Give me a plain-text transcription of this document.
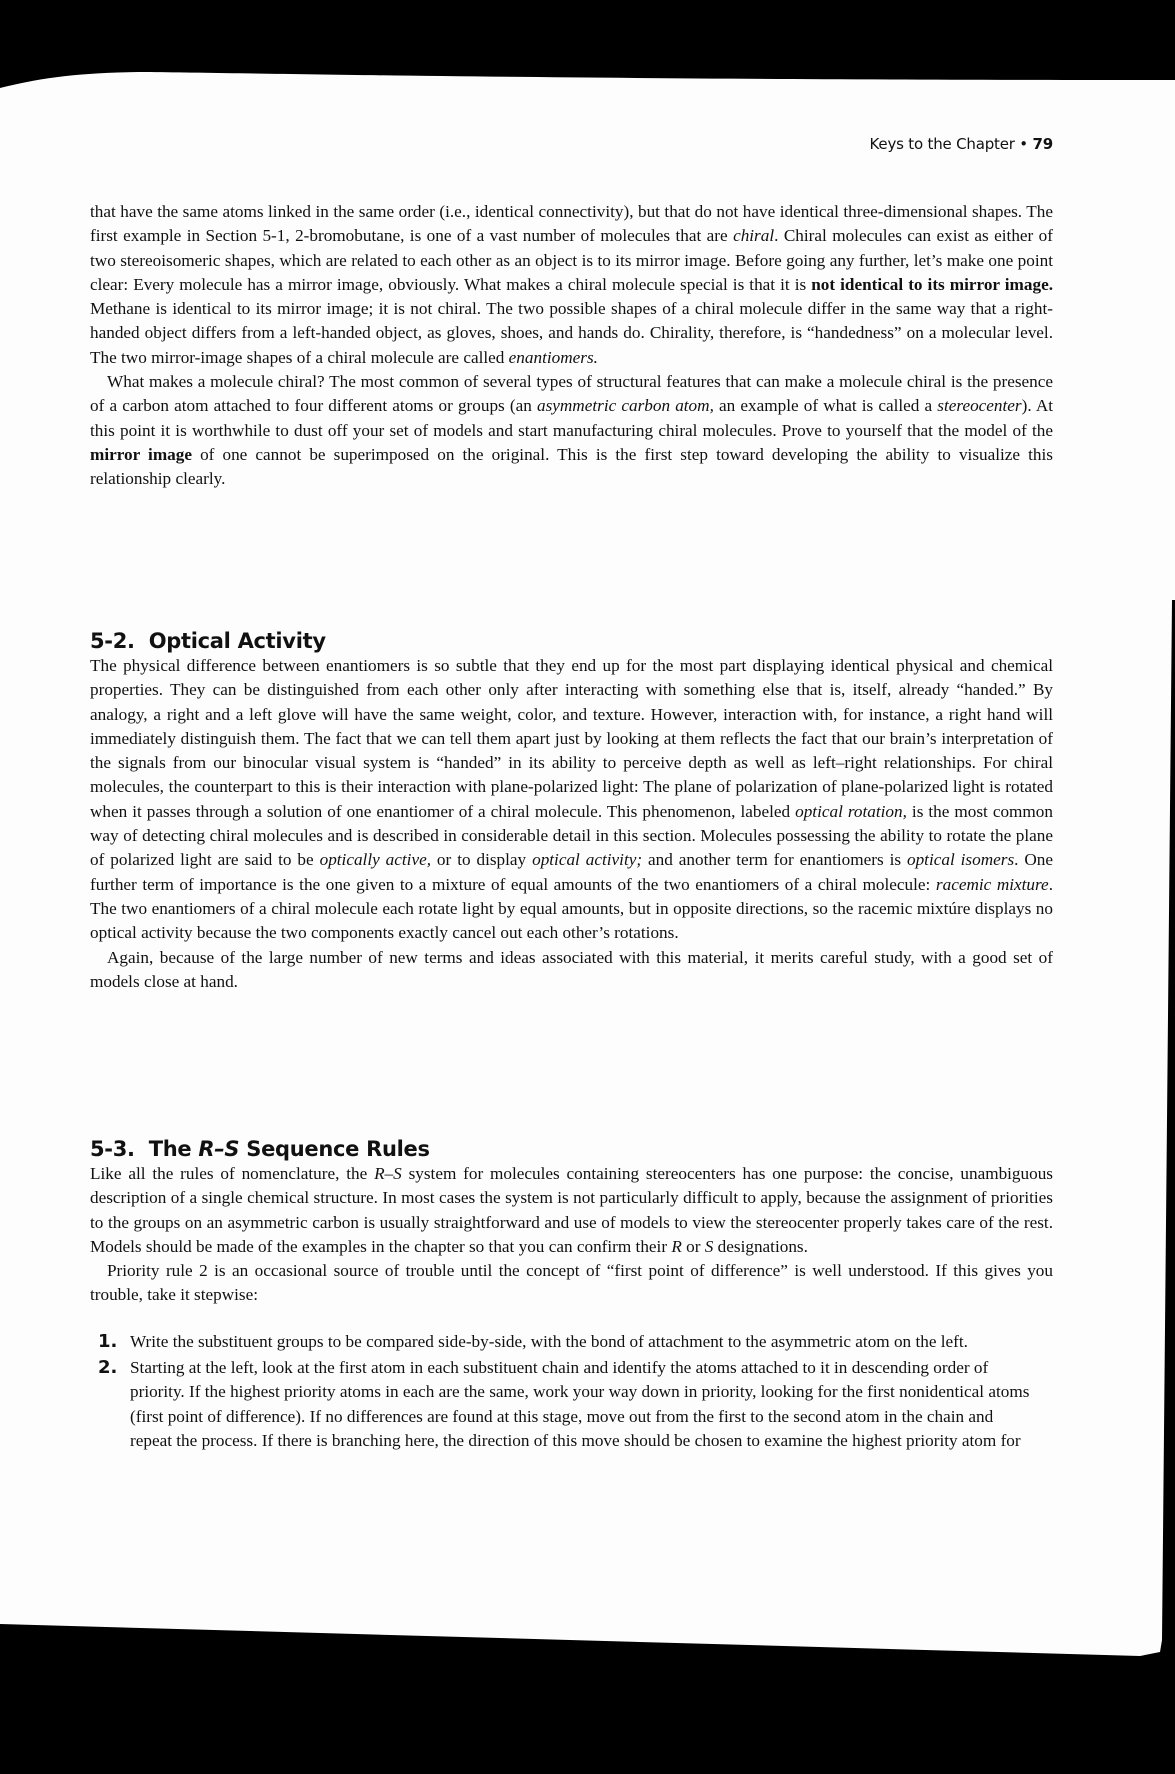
Keys to the Chapter • 79

that have the same atoms linked in the same order (i.e., identical connectivity), but that do not have identical three-dimensional shapes. The first example in Section 5-1, 2-bromobutane, is one of a vast number of molecules that are chiral. Chiral molecules can exist as either of two stereoisomeric shapes, which are related to each other as an object is to its mirror image. Before going any further, let’s make one point clear: Every molecule has a mirror image, obviously. What makes a chiral molecule special is that it is not identical to its mirror image. Methane is identical to its mirror image; it is not chiral. The two possible shapes of a chiral molecule differ in the same way that a right-handed object differs from a left-handed object, as gloves, shoes, and hands do. Chirality, therefore, is “handedness” on a molecular level. The two mirror-image shapes of a chiral molecule are called enantiomers.

What makes a molecule chiral? The most common of several types of structural features that can make a molecule chiral is the presence of a carbon atom attached to four different atoms or groups (an asymmetric carbon atom, an example of what is called a stereocenter). At this point it is worthwhile to dust off your set of models and start manufacturing chiral molecules. Prove to yourself that the model of the mirror image of one cannot be superimposed on the original. This is the first step toward developing the ability to visualize this relationship clearly.

5-2. Optical Activity

The physical difference between enantiomers is so subtle that they end up for the most part displaying identical physical and chemical properties. They can be distinguished from each other only after interacting with something else that is, itself, already “handed.” By analogy, a right and a left glove will have the same weight, color, and texture. However, interaction with, for instance, a right hand will immediately distinguish them. The fact that we can tell them apart just by looking at them reflects the fact that our brain’s interpretation of the signals from our binocular visual system is “handed” in its ability to perceive depth as well as left–right relationships. For chiral molecules, the counterpart to this is their interaction with plane-polarized light: The plane of polarization of plane-polarized light is rotated when it passes through a solution of one enantiomer of a chiral molecule. This phenomenon, labeled optical rotation, is the most common way of detecting chiral molecules and is described in considerable detail in this section. Molecules possessing the ability to rotate the plane of polarized light are said to be optically active, or to display optical activity; and another term for enantiomers is optical isomers. One further term of importance is the one given to a mixture of equal amounts of the two enantiomers of a chiral molecule: racemic mixture. The two enantiomers of a chiral molecule each rotate light by equal amounts, but in opposite directions, so the racemic mixtúre displays no optical activity because the two components exactly cancel out each other’s rotations.

Again, because of the large number of new terms and ideas associated with this material, it merits careful study, with a good set of models close at hand.

5-3. The R–S Sequence Rules

Like all the rules of nomenclature, the R–S system for molecules containing stereocenters has one purpose: the concise, unambiguous description of a single chemical structure. In most cases the system is not particularly difficult to apply, because the assignment of priorities to the groups on an asymmetric carbon is usually straightforward and use of models to view the stereocenter properly takes care of the rest. Models should be made of the examples in the chapter so that you can confirm their R or S designations.

Priority rule 2 is an occasional source of trouble until the concept of “first point of difference” is well understood. If this gives you trouble, take it stepwise:

1. Write the substituent groups to be compared side-by-side, with the bond of attachment to the asymmetric atom on the left.
2. Starting at the left, look at the first atom in each substituent chain and identify the atoms attached to it in descending order of priority. If the highest priority atoms in each are the same, work your way down in priority, looking for the first nonidentical atoms (first point of difference). If no differences are found at this stage, move out from the first to the second atom in the chain and repeat the process. If there is branching here, the direction of this move should be chosen to examine the highest priority atom for
